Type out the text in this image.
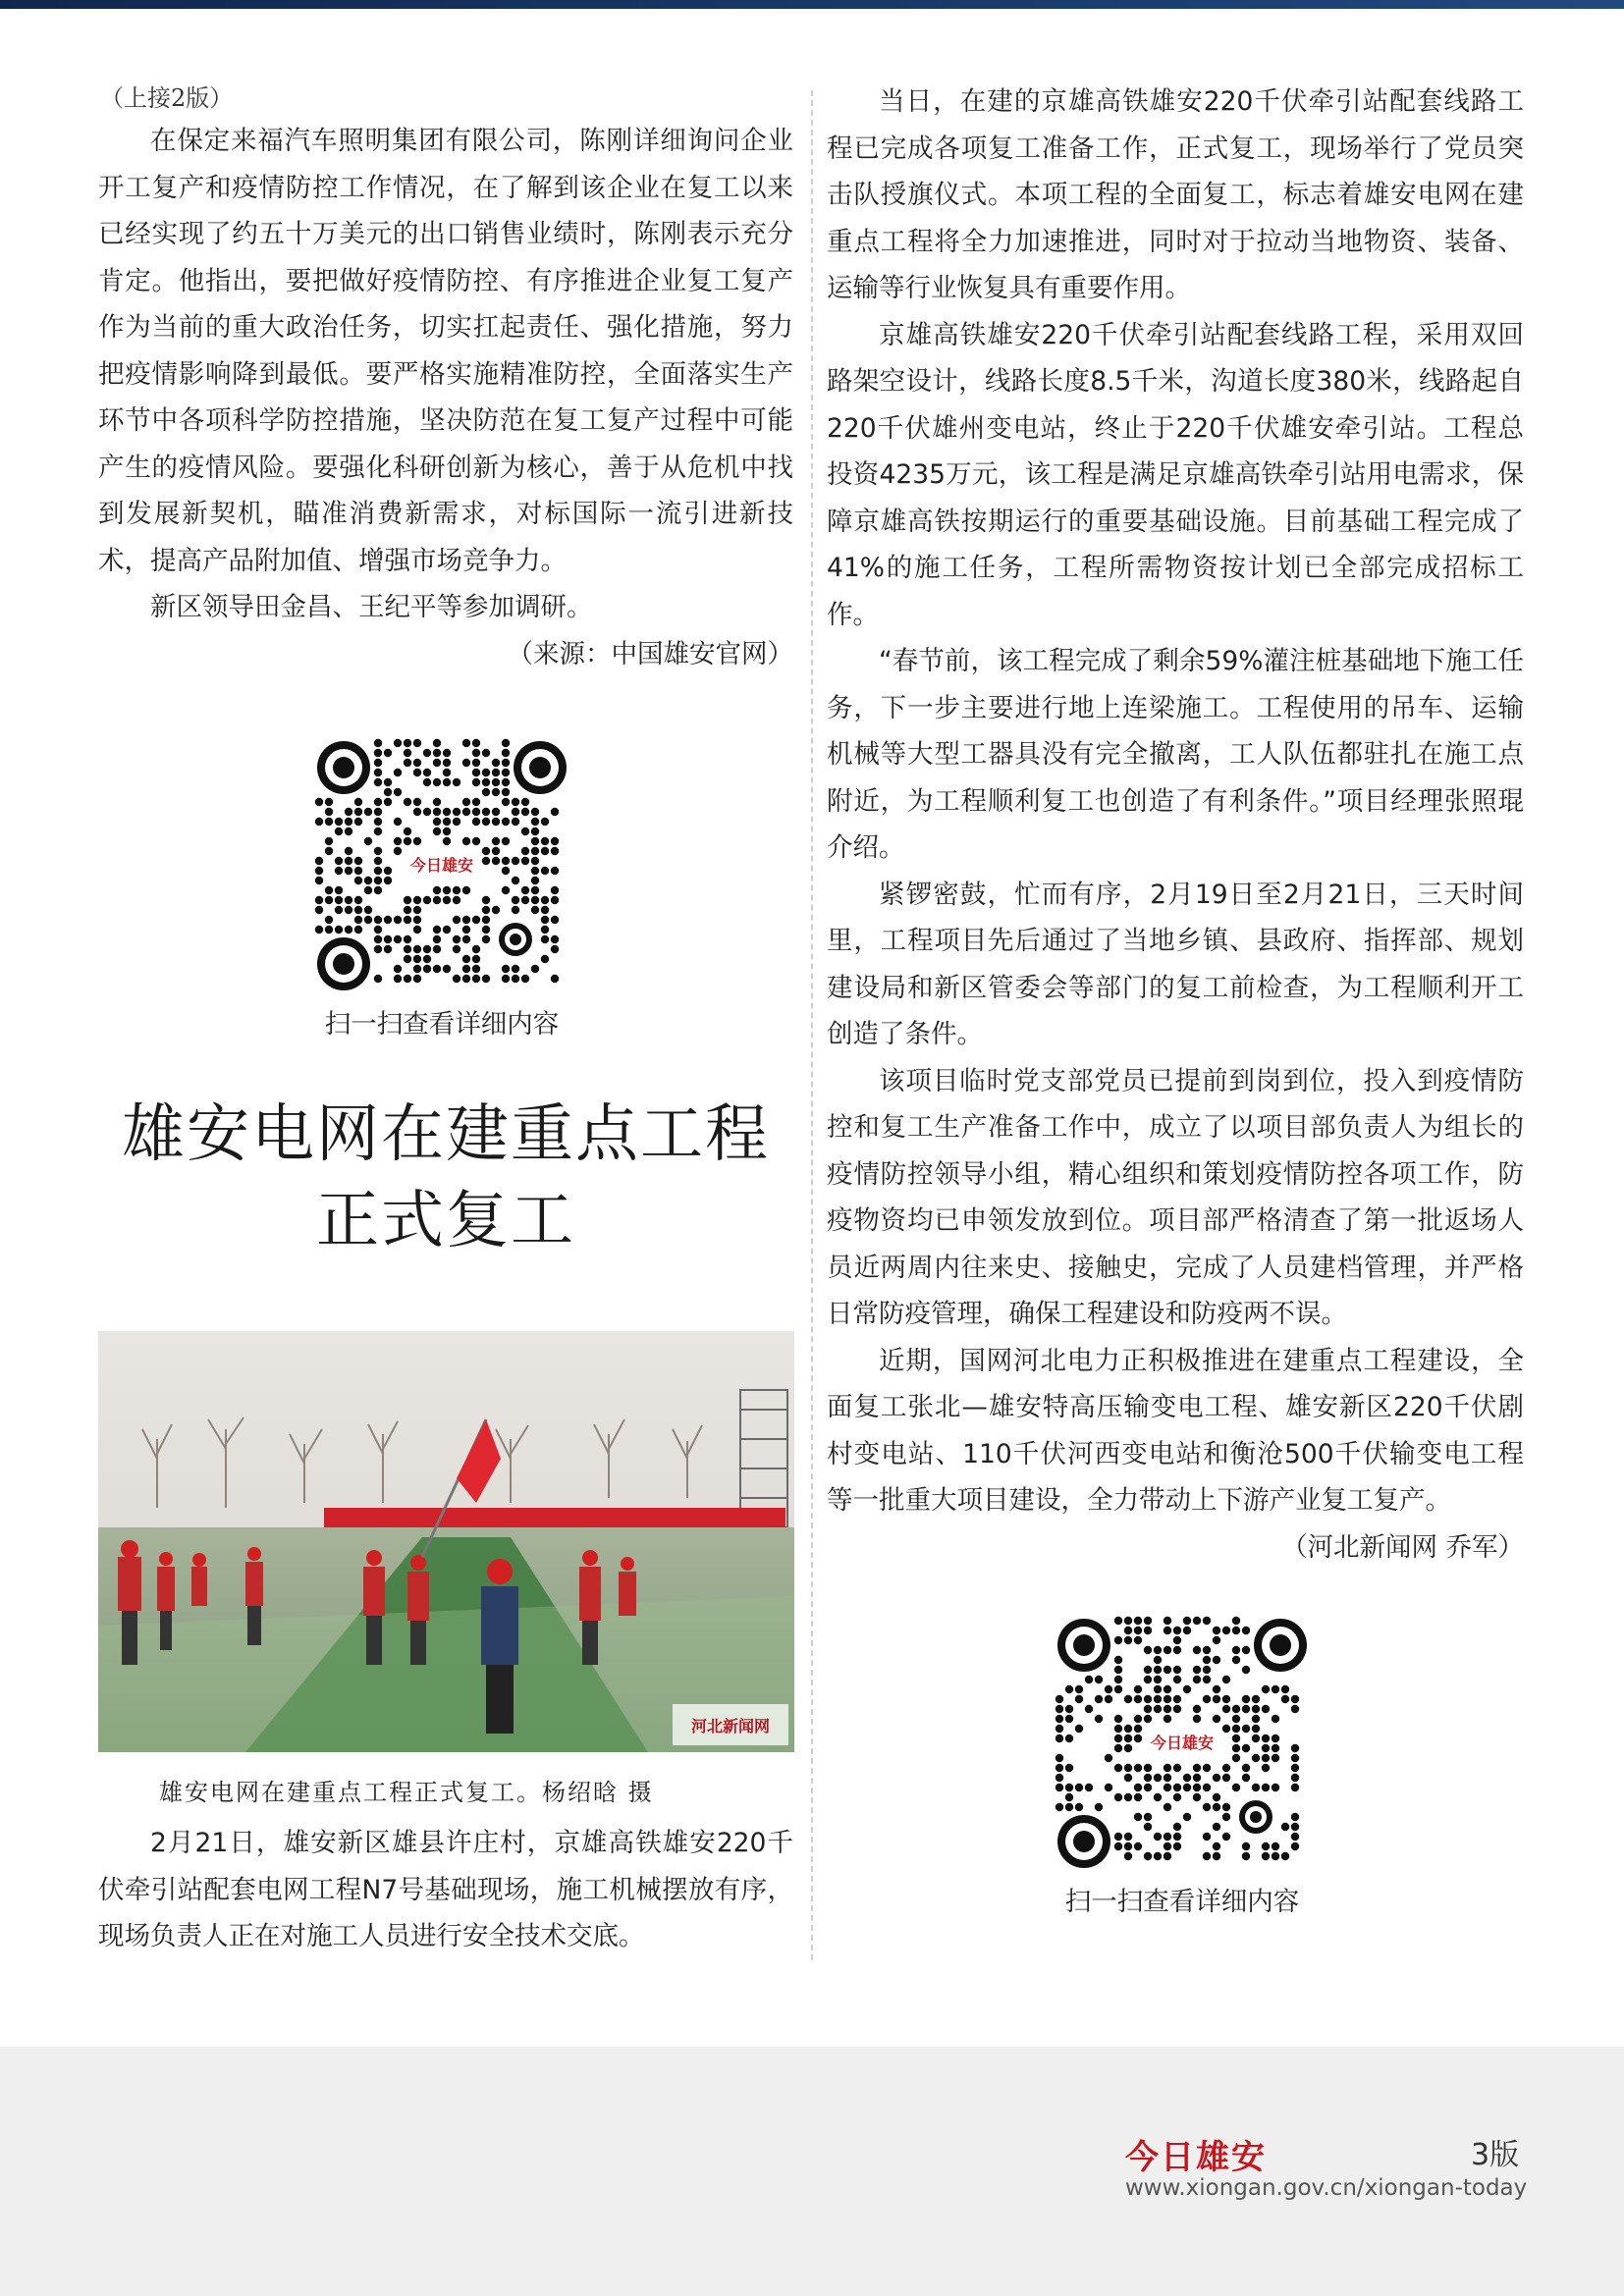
（上接2版）

在保定来福汽车照明集团有限公司，陈刚详细询问企业开工复产和疫情防控工作情况，在了解到该企业在复工以来已经实现了约五十万美元的出口销售业绩时，陈刚表示充分肯定。他指出，要把做好疫情防控、有序推进企业复工复产作为当前的重大政治任务，切实扛起责任、强化措施，努力把疫情影响降到最低。要严格实施精准防控，全面落实生产环节中各项科学防控措施，坚决防范在复工复产过程中可能产生的疫情风险。要强化科研创新为核心，善于从危机中找到发展新契机，瞄准消费新需求，对标国际一流引进新技术，提高产品附加值、增强市场竞争力。

新区领导田金昌、王纪平等参加调研。

（来源：中国雄安官网）

今日雄安
扫一扫查看详细内容
雄安电网在建重点工程
正式复工
河北新闻网
雄安电网在建重点工程正式复工。杨绍晗 摄

2月21日，雄安新区雄县许庄村，京雄高铁雄安220千伏牵引站配套电网工程N7号基础现场，施工机械摆放有序，现场负责人正在对施工人员进行安全技术交底。

当日，在建的京雄高铁雄安220千伏牵引站配套线路工程已完成各项复工准备工作，正式复工，现场举行了党员突击队授旗仪式。本项工程的全面复工，标志着雄安电网在建重点工程将全力加速推进，同时对于拉动当地物资、装备、运输等行业恢复具有重要作用。

京雄高铁雄安220千伏牵引站配套线路工程，采用双回路架空设计，线路长度8.5千米，沟道长度380米，线路起自220千伏雄州变电站，终止于220千伏雄安牵引站。工程总投资4235万元，该工程是满足京雄高铁牵引站用电需求，保障京雄高铁按期运行的重要基础设施。目前基础工程完成了41%的施工任务，工程所需物资按计划已全部完成招标工作。

“春节前，该工程完成了剩余59%灌注桩基础地下施工任务，下一步主要进行地上连梁施工。工程使用的吊车、运输机械等大型工器具没有完全撤离，工人队伍都驻扎在施工点附近，为工程顺利复工也创造了有利条件。”项目经理张照琨介绍。

紧锣密鼓，忙而有序，2月19日至2月21日，三天时间里，工程项目先后通过了当地乡镇、县政府、指挥部、规划建设局和新区管委会等部门的复工前检查，为工程顺利开工创造了条件。

该项目临时党支部党员已提前到岗到位，投入到疫情防控和复工生产准备工作中，成立了以项目部负责人为组长的疫情防控领导小组，精心组织和策划疫情防控各项工作，防疫物资均已申领发放到位。项目部严格清查了第一批返场人员近两周内往来史、接触史，完成了人员建档管理，并严格日常防疫管理，确保工程建设和防疫两不误。

近期，国网河北电力正积极推进在建重点工程建设，全面复工张北—雄安特高压输变电工程、雄安新区220千伏剧村变电站、110千伏河西变电站和衡沧500千伏输变电工程等一批重大项目建设，全力带动上下游产业复工复产。

（河北新闻网 乔军）

今日雄安
扫一扫查看详细内容
今日雄安	3版
www.xiongan.gov.cn/xiongan-today
